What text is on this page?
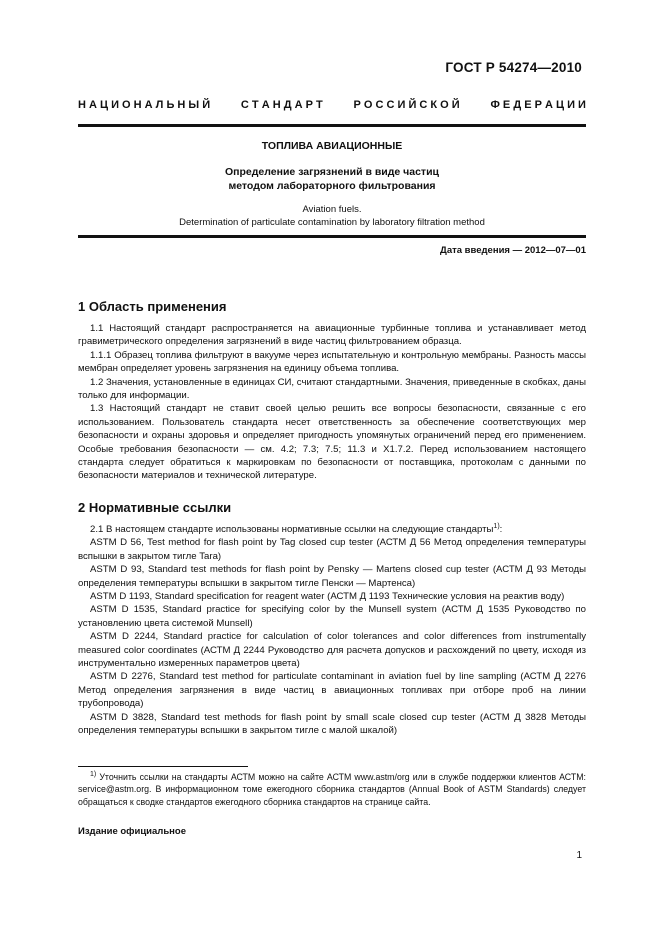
ГОСТ Р 54274—2010
Н А Ц И О Н А Л Ь Н Ы Й	С Т А Н Д А Р Т	Р О С С И Й С К О Й	Ф Е Д Е Р А Ц И И
ТОПЛИВА АВИАЦИОННЫЕ
Определение загрязнений в виде частиц
методом лабораторного фильтрования
Aviation fuels.
Determination of particulate contamination by laboratory filtration method
Дата введения — 2012—07—01
1 Область применения

1.1 Настоящий стандарт распространяется на авиационные турбинные топлива и устанавливает метод гравиметрического определения загрязнений в виде частиц фильтрованием образца.

1.1.1 Образец топлива фильтруют в вакууме через испытательную и контрольную мембраны. Разность массы мембран определяет уровень загрязнения на единицу объема топлива.

1.2 Значения, установленные в единицах СИ, считают стандартными. Значения, приведенные в скобках, даны только для информации.

1.3 Настоящий стандарт не ставит своей целью решить все вопросы безопасности, связанные с его использованием. Пользователь стандарта несет ответственность за обеспечение соответствующих мер безопасности и охраны здоровья и определяет пригодность упомянутых ограничений перед его применением. Особые требования безопасности — см. 4.2; 7.3; 7.5; 11.3 и X1.7.2. Перед использованием настоящего стандарта следует обратиться к маркировкам по безопасности от поставщика, протоколам с данными по безопасности материалов и технической литературе.

2 Нормативные ссылки

2.1 В настоящем стандарте использованы нормативные ссылки на следующие стандарты$^{1)}$:

ASTM D 56, Test method for flash point by Tag closed cup tester (АСТМ Д 56 Метод определения температуры вспышки в закрытом тигле Tara)

ASTM D 93, Standard test methods for flash point by Pensky — Martens closed cup tester (АСТМ Д 93 Методы определения температуры вспышки в закрытом тигле Пенски — Мартенса)

ASTM D 1193, Standard specification for reagent water (АСТМ Д 1193 Технические условия на реактив воду)

ASTM D 1535, Standard practice for specifying color by the Munsell system (АСТМ Д 1535 Руководство по установлению цвета системой Munsell)

ASTM D 2244, Standard practice for calculation of color tolerances and color differences from instrumentally measured color coordinates (АСТМ Д 2244 Руководство для расчета допусков и расхождений по цвету, исходя из инструментально измеренных параметров цвета)

ASTM D 2276, Standard test method for particulate contaminant in aviation fuel by line sampling (АСТМ Д 2276 Метод определения загрязнения в виде частиц в авиационных топливах при отборе проб на линии трубопровода)

ASTM D 3828, Standard test methods for flash point by small scale closed cup tester (АСТМ Д 3828 Методы определения температуры вспышки в закрытом тигле с малой шкалой)

$^{1)}$ Уточнить ссылки на стандарты АСТМ можно на сайте АСТМ www.astm/org или в службе поддержки клиентов АСТМ: service@astm.org. В информационном томе ежегодного сборника стандартов (Annual Book of ASTM Standards) следует обращаться к сводке стандартов ежегодного сборника стандартов на странице сайта.

Издание официальное
1
